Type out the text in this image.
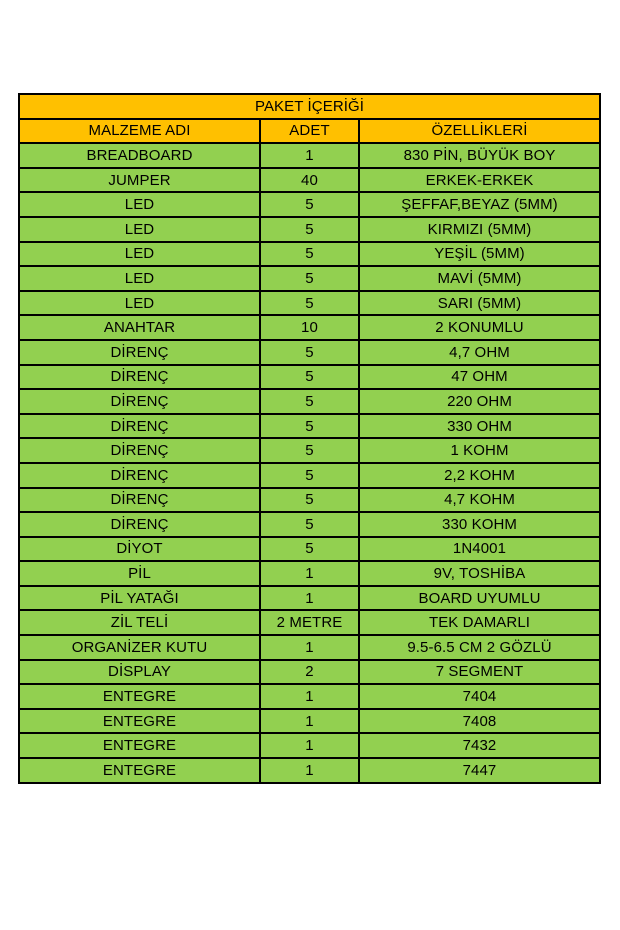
PAKET İÇERİĞİ		
MALZEME ADI	ADET	ÖZELLİKLERİ
BREADBOARD	1	830 PİN, BÜYÜK BOY
JUMPER	40	ERKEK-ERKEK
LED	5	ŞEFFAF,BEYAZ (5MM)
LED	5	KIRMIZI (5MM)
LED	5	YEŞİL (5MM)
LED	5	MAVİ (5MM)
LED	5	SARI (5MM)
ANAHTAR	10	2 KONUMLU
DİRENÇ	5	4,7 OHM
DİRENÇ	5	47 OHM
DİRENÇ	5	220 OHM
DİRENÇ	5	330 OHM
DİRENÇ	5	1 KOHM
DİRENÇ	5	2,2 KOHM
DİRENÇ	5	4,7 KOHM
DİRENÇ	5	330 KOHM
DİYOT	5	1N4001
PİL	1	9V, TOSHİBA
PİL YATAĞI	1	BOARD UYUMLU
ZİL TELİ	2 METRE	TEK DAMARLI
ORGANİZER KUTU	1	9.5-6.5 CM 2 GÖZLÜ
DİSPLAY	2	7 SEGMENT
ENTEGRE	1	7404
ENTEGRE	1	7408
ENTEGRE	1	7432
ENTEGRE	1	7447
